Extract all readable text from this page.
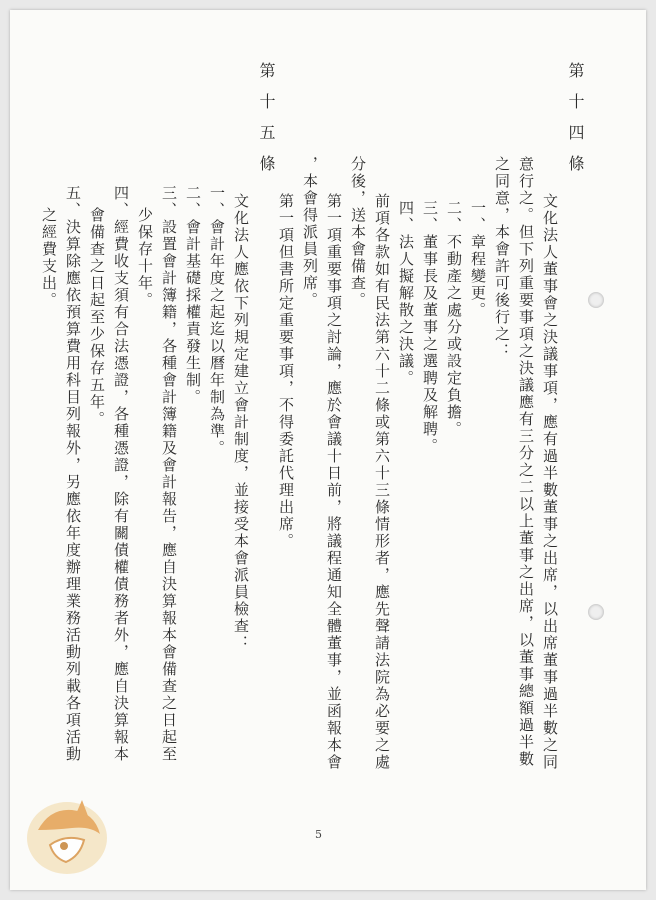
第十四條
文化法人董事會之決議事項，應有過半數董事之出席，以出席董事過半數之同
意行之。但下列重要事項之決議應有三分之二以上董事之出席，以董事總額過半數
之同意，本會許可後行之：
一、章程變更。
二、不動產之處分或設定負擔。
三、董事長及董事之選聘及解聘。
四、法人擬解散之決議。
前項各款如有民法第六十二條或第六十三條情形者，應先聲請法院為必要之處
分後，送本會備查。
第一項重要事項之討論，應於會議十日前，將議程通知全體董事，並函報本會
，本會得派員列席。
第一項但書所定重要事項，不得委託代理出席。
第十五條
文化法人應依下列規定建立會計制度，並接受本會派員檢查：
一、會計年度之起迄以曆年制為準。
二、會計基礎採權責發生制。
三、設置會計簿籍，各種會計簿籍及會計報告，應自決算報本會備查之日起至
少保存十年。
四、經費收支須有合法憑證，各種憑證，除有關債權債務者外，應自決算報本
會備查之日起至少保存五年。
五、決算除應依預算費用科目列報外，另應依年度辦理業務活動列載各項活動
之經費支出。
5
